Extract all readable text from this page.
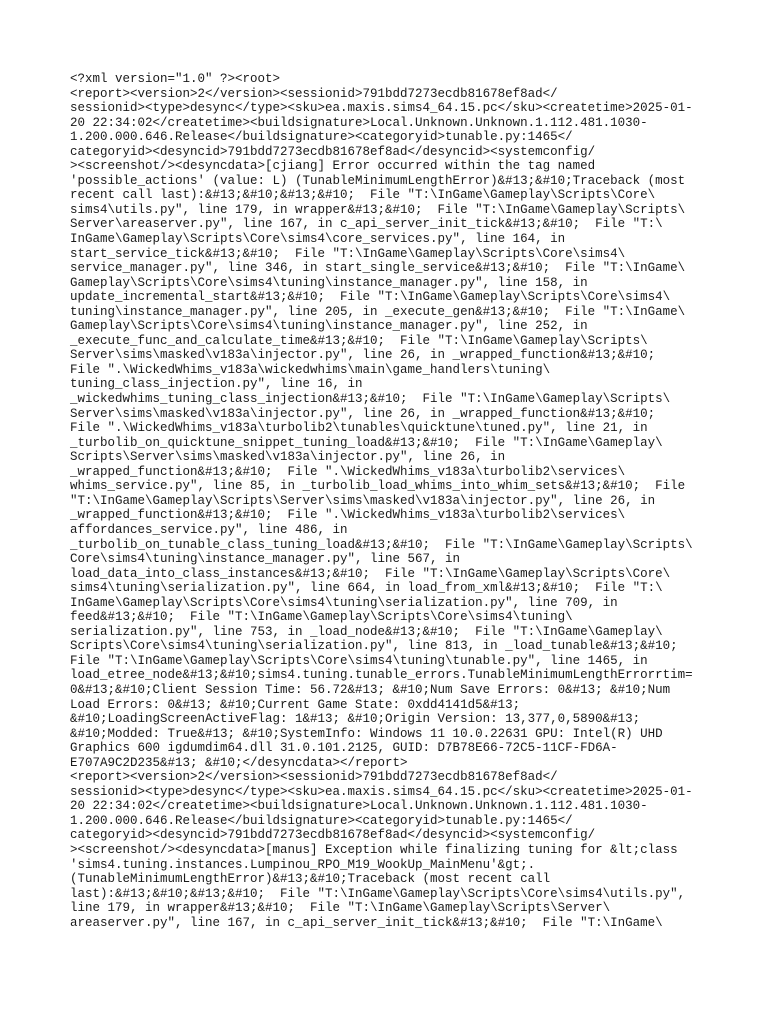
<?xml version="1.0" ?><root>
<report><version>2</version><sessionid>791bdd7273ecdb81678ef8ad</
sessionid><type>desync</type><sku>ea.maxis.sims4_64.15.pc</sku><createtime>2025-01-
20 22:34:02</createtime><buildsignature>Local.Unknown.Unknown.1.112.481.1030-
1.200.000.646.Release</buildsignature><categoryid>tunable.py:1465</
categoryid><desyncid>791bdd7273ecdb81678ef8ad</desyncid><systemconfig/
><screenshot/><desyncdata>[cjiang] Error occurred within the tag named
'possible_actions' (value: L) (TunableMinimumLengthError)&#13;&#10;Traceback (most
recent call last):&#13;&#10;&#13;&#10;  File "T:\InGame\Gameplay\Scripts\Core\
sims4\utils.py", line 179, in wrapper&#13;&#10;  File "T:\InGame\Gameplay\Scripts\
Server\areaserver.py", line 167, in c_api_server_init_tick&#13;&#10;  File "T:\
InGame\Gameplay\Scripts\Core\sims4\core_services.py", line 164, in
start_service_tick&#13;&#10;  File "T:\InGame\Gameplay\Scripts\Core\sims4\
service_manager.py", line 346, in start_single_service&#13;&#10;  File "T:\InGame\
Gameplay\Scripts\Core\sims4\tuning\instance_manager.py", line 158, in
update_incremental_start&#13;&#10;  File "T:\InGame\Gameplay\Scripts\Core\sims4\
tuning\instance_manager.py", line 205, in _execute_gen&#13;&#10;  File "T:\InGame\
Gameplay\Scripts\Core\sims4\tuning\instance_manager.py", line 252, in
_execute_func_and_calculate_time&#13;&#10;  File "T:\InGame\Gameplay\Scripts\
Server\sims\masked\v183a\injector.py", line 26, in _wrapped_function&#13;&#10;
File ".\WickedWhims_v183a\wickedwhims\main\game_handlers\tuning\
tuning_class_injection.py", line 16, in
_wickedwhims_tuning_class_injection&#13;&#10;  File "T:\InGame\Gameplay\Scripts\
Server\sims\masked\v183a\injector.py", line 26, in _wrapped_function&#13;&#10;
File ".\WickedWhims_v183a\turbolib2\tunables\quicktune\tuned.py", line 21, in
_turbolib_on_quicktune_snippet_tuning_load&#13;&#10;  File "T:\InGame\Gameplay\
Scripts\Server\sims\masked\v183a\injector.py", line 26, in
_wrapped_function&#13;&#10;  File ".\WickedWhims_v183a\turbolib2\services\
whims_service.py", line 85, in _turbolib_load_whims_into_whim_sets&#13;&#10;  File
"T:\InGame\Gameplay\Scripts\Server\sims\masked\v183a\injector.py", line 26, in
_wrapped_function&#13;&#10;  File ".\WickedWhims_v183a\turbolib2\services\
affordances_service.py", line 486, in
_turbolib_on_tunable_class_tuning_load&#13;&#10;  File "T:\InGame\Gameplay\Scripts\
Core\sims4\tuning\instance_manager.py", line 567, in
load_data_into_class_instances&#13;&#10;  File "T:\InGame\Gameplay\Scripts\Core\
sims4\tuning\serialization.py", line 664, in load_from_xml&#13;&#10;  File "T:\
InGame\Gameplay\Scripts\Core\sims4\tuning\serialization.py", line 709, in
feed&#13;&#10;  File "T:\InGame\Gameplay\Scripts\Core\sims4\tuning\
serialization.py", line 753, in _load_node&#13;&#10;  File "T:\InGame\Gameplay\
Scripts\Core\sims4\tuning\serialization.py", line 813, in _load_tunable&#13;&#10;
File "T:\InGame\Gameplay\Scripts\Core\sims4\tuning\tunable.py", line 1465, in
load_etree_node&#13;&#10;sims4.tuning.tunable_errors.TunableMinimumLengthErrorrtim=
0&#13;&#10;Client Session Time: 56.72&#13; &#10;Num Save Errors: 0&#13; &#10;Num
Load Errors: 0&#13; &#10;Current Game State: 0xdd4141d5&#13;
&#10;LoadingScreenActiveFlag: 1&#13; &#10;Origin Version: 13,377,0,5890&#13;
&#10;Modded: True&#13; &#10;SystemInfo: Windows 11 10.0.22631 GPU: Intel(R) UHD
Graphics 600 igdumdim64.dll 31.0.101.2125, GUID: D7B78E66-72C5-11CF-FD6A-
E707A9C2D235&#13; &#10;</desyncdata></report>
<report><version>2</version><sessionid>791bdd7273ecdb81678ef8ad</
sessionid><type>desync</type><sku>ea.maxis.sims4_64.15.pc</sku><createtime>2025-01-
20 22:34:02</createtime><buildsignature>Local.Unknown.Unknown.1.112.481.1030-
1.200.000.646.Release</buildsignature><categoryid>tunable.py:1465</
categoryid><desyncid>791bdd7273ecdb81678ef8ad</desyncid><systemconfig/
><screenshot/><desyncdata>[manus] Exception while finalizing tuning for &lt;class
'sims4.tuning.instances.Lumpinou_RPO_M19_WookUp_MainMenu'&gt;.
(TunableMinimumLengthError)&#13;&#10;Traceback (most recent call
last):&#13;&#10;&#13;&#10;  File "T:\InGame\Gameplay\Scripts\Core\sims4\utils.py",
line 179, in wrapper&#13;&#10;  File "T:\InGame\Gameplay\Scripts\Server\
areaserver.py", line 167, in c_api_server_init_tick&#13;&#10;  File "T:\InGame\
